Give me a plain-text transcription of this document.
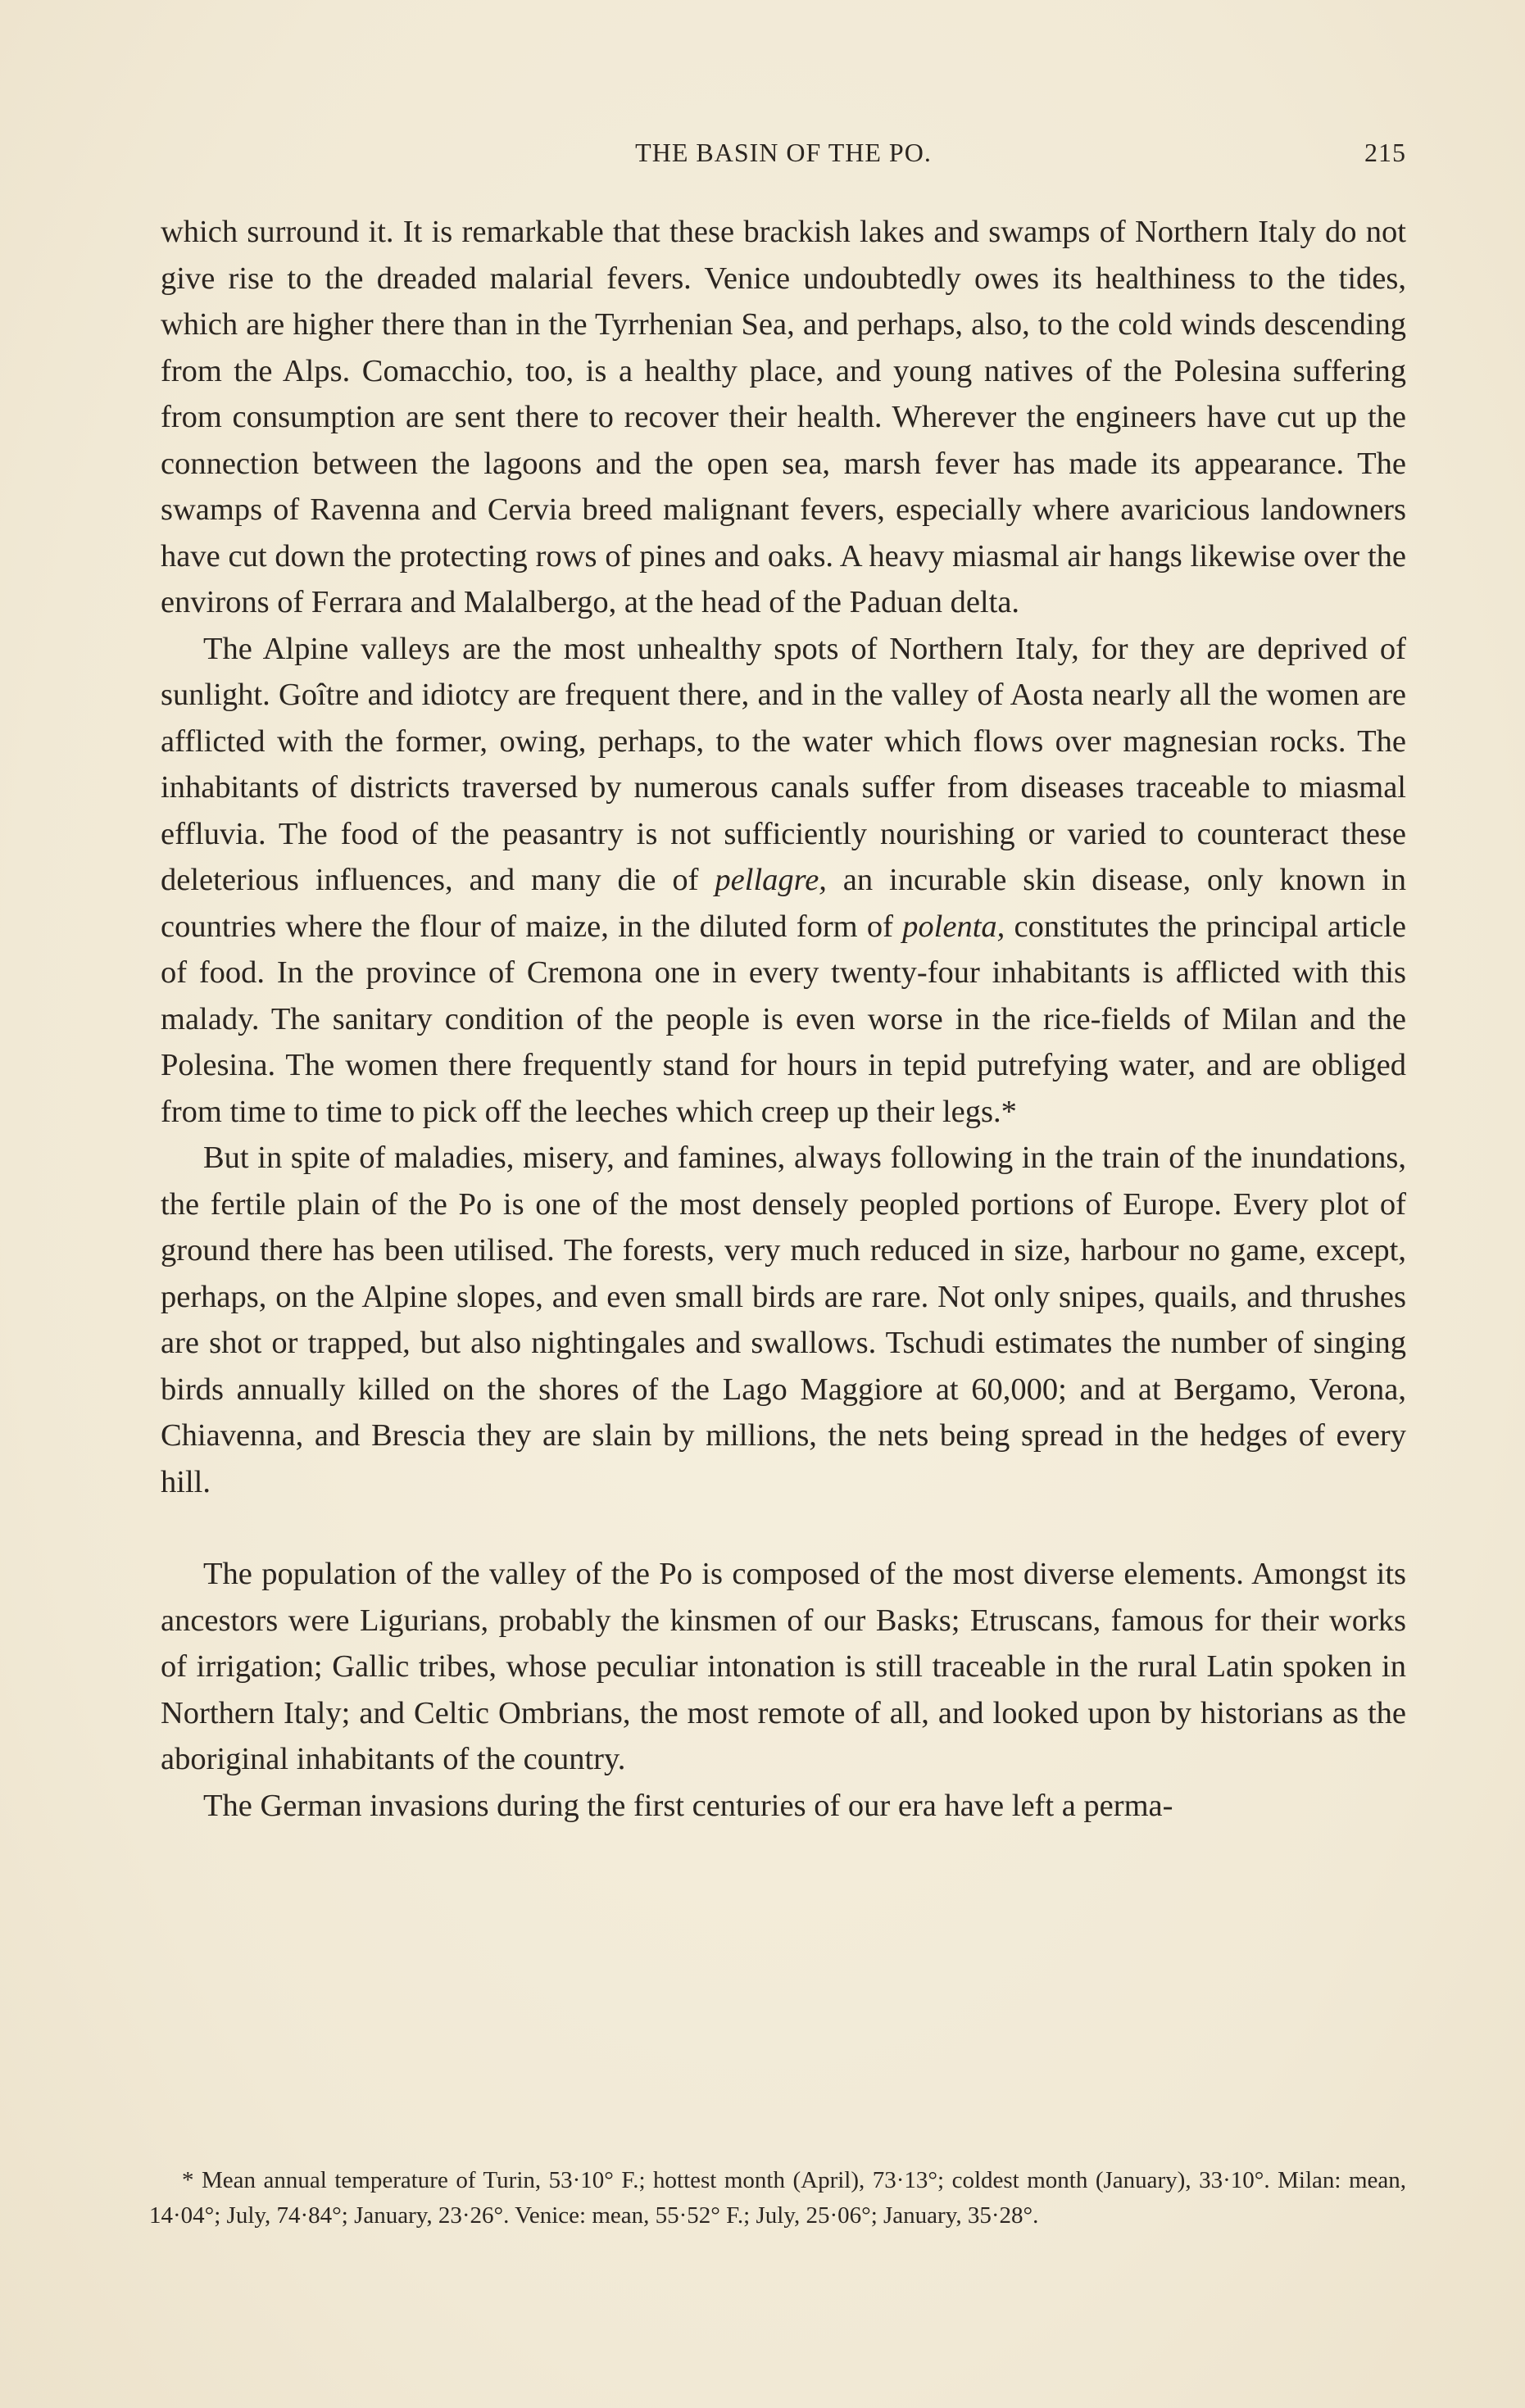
THE BASIN OF THE PO.	215

which surround it. It is remarkable that these brackish lakes and swamps of Northern Italy do not give rise to the dreaded malarial fevers. Venice undoubtedly owes its healthiness to the tides, which are higher there than in the Tyrrhenian Sea, and perhaps, also, to the cold winds descending from the Alps. Comacchio, too, is a healthy place, and young natives of the Polesina suffering from consumption are sent there to recover their health. Wherever the engineers have cut up the connection between the lagoons and the open sea, marsh fever has made its appearance. The swamps of Ravenna and Cervia breed malignant fevers, especially where avaricious landowners have cut down the protecting rows of pines and oaks. A heavy miasmal air hangs likewise over the environs of Ferrara and Malalbergo, at the head of the Paduan delta.

The Alpine valleys are the most unhealthy spots of Northern Italy, for they are deprived of sunlight. Goître and idiotcy are frequent there, and in the valley of Aosta nearly all the women are afflicted with the former, owing, perhaps, to the water which flows over magnesian rocks. The inhabitants of districts traversed by numerous canals suffer from diseases traceable to miasmal effluvia. The food of the peasantry is not sufficiently nourishing or varied to counteract these deleterious influences, and many die of pellagre, an incurable skin disease, only known in countries where the flour of maize, in the diluted form of polenta, constitutes the principal article of food. In the province of Cremona one in every twenty-four inhabitants is afflicted with this malady. The sanitary condition of the people is even worse in the rice-fields of Milan and the Polesina. The women there frequently stand for hours in tepid putrefying water, and are obliged from time to time to pick off the leeches which creep up their legs.*

But in spite of maladies, misery, and famines, always following in the train of the inundations, the fertile plain of the Po is one of the most densely peopled portions of Europe. Every plot of ground there has been utilised. The forests, very much reduced in size, harbour no game, except, perhaps, on the Alpine slopes, and even small birds are rare. Not only snipes, quails, and thrushes are shot or trapped, but also nightingales and swallows. Tschudi estimates the number of singing birds annually killed on the shores of the Lago Maggiore at 60,000; and at Bergamo, Verona, Chiavenna, and Brescia they are slain by millions, the nets being spread in the hedges of every hill.

The population of the valley of the Po is composed of the most diverse elements. Amongst its ancestors were Ligurians, probably the kinsmen of our Basks; Etruscans, famous for their works of irrigation; Gallic tribes, whose peculiar intonation is still traceable in the rural Latin spoken in Northern Italy; and Celtic Ombrians, the most remote of all, and looked upon by historians as the aboriginal inhabitants of the country.

The German invasions during the first centuries of our era have left a perma-

* Mean annual temperature of Turin, 53·10° F.; hottest month (April), 73·13°; coldest month (January), 33·10°. Milan: mean, 14·04°; July, 74·84°; January, 23·26°. Venice: mean, 55·52° F.; July, 25·06°; January, 35·28°.
